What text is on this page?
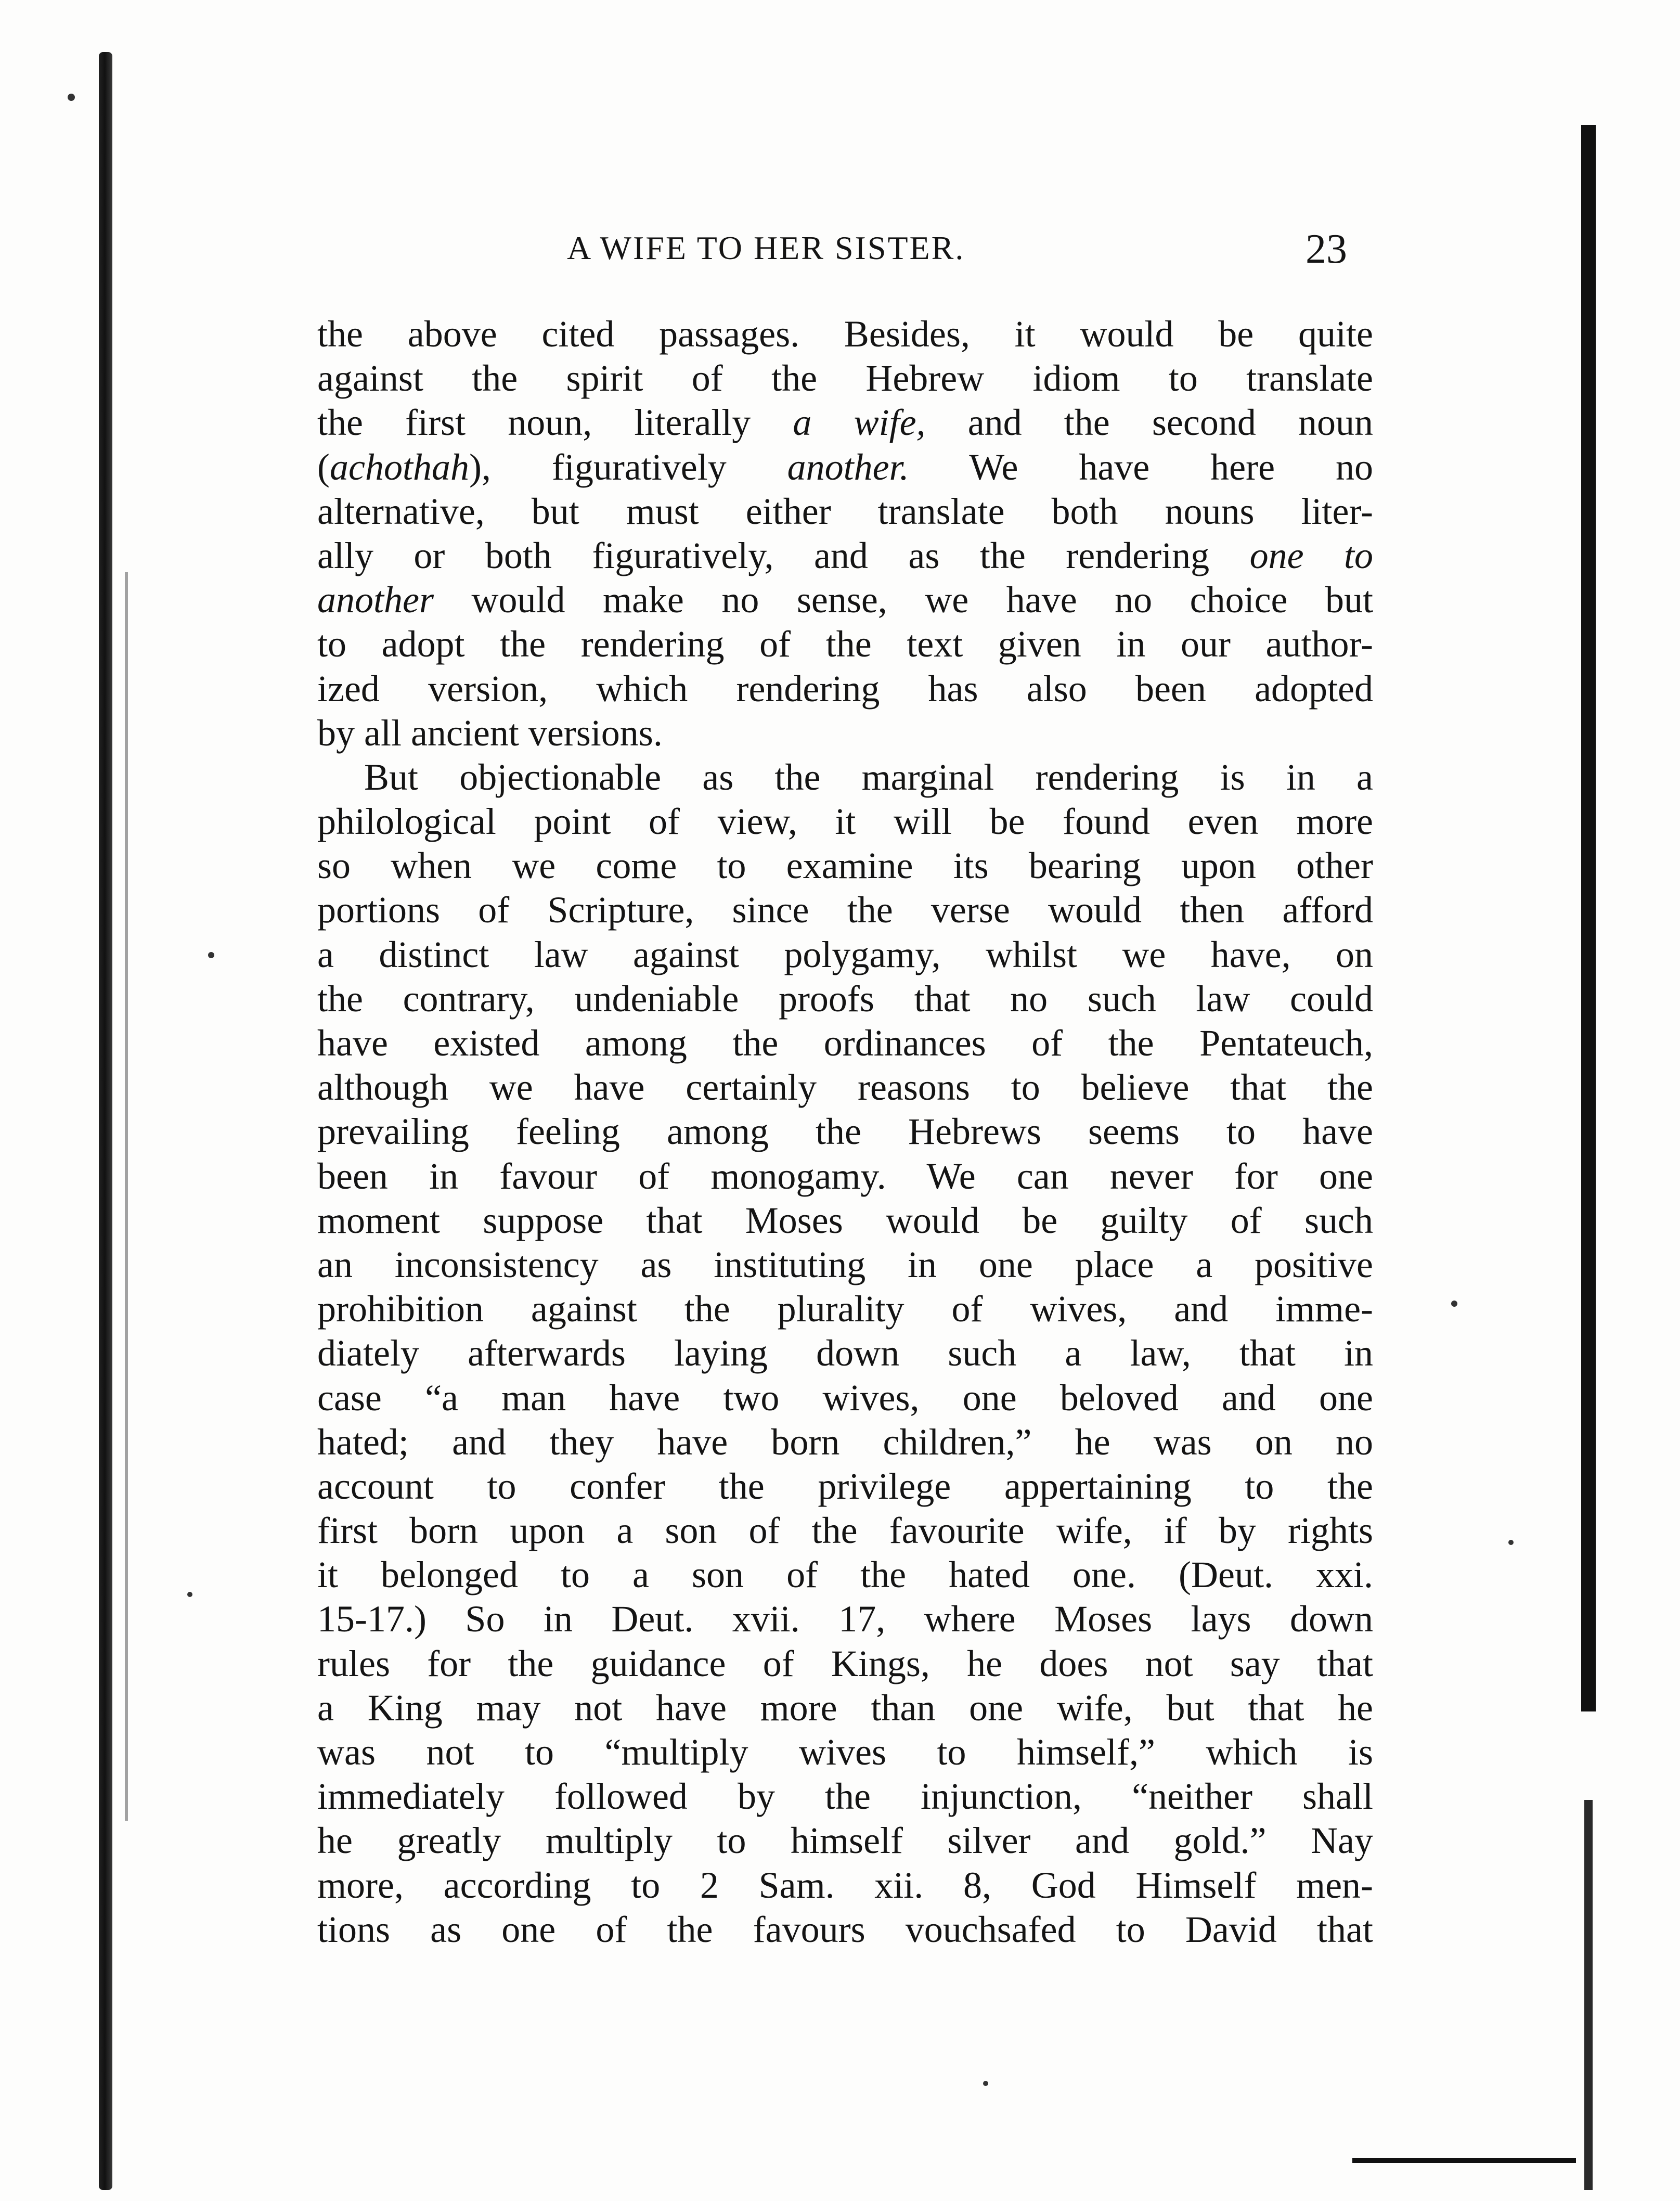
A WIFE TO HER SISTER.	23
the above cited passages. Besides, it would be quite
against the spirit of the Hebrew idiom to translate
the first noun, literally a wife, and the second noun
(achothah), figuratively another. We have here no
alternative, but must either translate both nouns liter-
ally or both figuratively, and as the rendering one to
another would make no sense, we have no choice but
to adopt the rendering of the text given in our author-
ized version, which rendering has also been adopted
by all ancient versions.
But objectionable as the marginal rendering is in a
philological point of view, it will be found even more
so when we come to examine its bearing upon other
portions of Scripture, since the verse would then afford
a distinct law against polygamy, whilst we have, on
the contrary, undeniable proofs that no such law could
have existed among the ordinances of the Pentateuch,
although we have certainly reasons to believe that the
prevailing feeling among the Hebrews seems to have
been in favour of monogamy. We can never for one
moment suppose that Moses would be guilty of such
an inconsistency as instituting in one place a positive
prohibition against the plurality of wives, and imme-
diately afterwards laying down such a law, that in
case “a man have two wives, one beloved and one
hated; and they have born children,” he was on no
account to confer the privilege appertaining to the
first born upon a son of the favourite wife, if by rights
it belonged to a son of the hated one. (Deut. xxi.
15-17.) So in Deut. xvii. 17, where Moses lays down
rules for the guidance of Kings, he does not say that
a King may not have more than one wife, but that he
was not to “multiply wives to himself,” which is
immediately followed by the injunction, “neither shall
he greatly multiply to himself silver and gold.” Nay
more, according to 2 Sam. xii. 8, God Himself men-
tions as one of the favours vouchsafed to David that
